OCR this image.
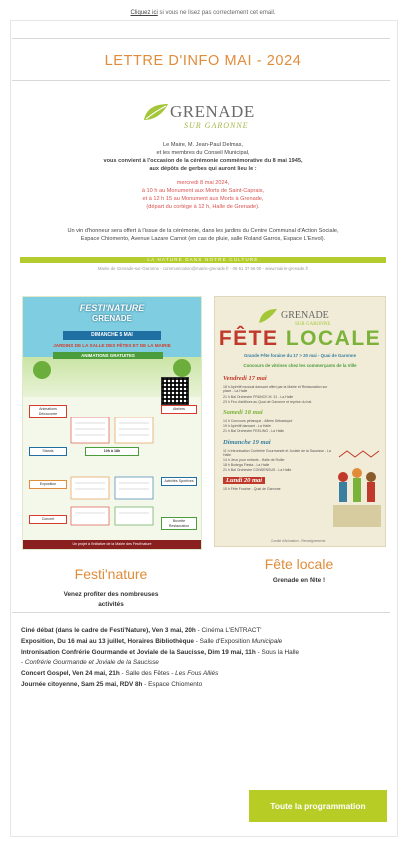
Cliquez ici si vous ne lisez pas correctement cet email.
LETTRE D'INFO MAI - 2024
GRENADE
SUR GARONNE
Le Maire, M. Jean-Paul Delmas,
et les membres du Conseil Municipal,
vous convient à l'occasion de la cérémonie commémorative du 8 mai 1945,
aux dépôts de gerbes qui auront lieu le :
mercredi 8 mai 2024,
à 10 h au Monument aux Morts de Saint-Caprais,
et à 12 h 15 au Monument aux Morts à Grenade,
(départ du cortège à 12 h, Halle de Grenade).
Un vin d'honneur sera offert à l'issue de la cérémonie, dans les jardins du Centre Communal d'Action Sociale,
Espace Chiomento, Avenue Lazare Carnot (en cas de pluie, salle Roland Garros, Espace L'Envol).
LA NATURE DANS NOTRE CULTURE
Mairie de Grenade-sur-Garonne - communication@mairie-grenade.fr - 05 61 37 66 00 - www.mairie-grenade.fr
FESTI'NATURE
GRENADE
DIMANCHE 5 MAI
JARDINS DE LA SALLE DES FÊTES ET DE LA MAIRIE
ANIMATIONS GRATUITES
Animations Découverte
Ateliers
Stands	10h à 18h
Exposition
Concert
Activités Sportives
Buvette Restauration
Un projet à l'initiative de la Mairie des Festi'nature
GRENADE
SUR GARONNE
FÊTE LOCALE
Grande Fête foraine du 17 > 20 mai - Quai de Garonne
Concours de vitrines chez les commerçants de la Ville
Vendredi 17 mai
18 h Apéritif musical dansant offert par la Mairie et Restauration sur place - La Halle
21 h Bal Orchestre FRANCK M. 31 - La Halle
23 h Feu d'artifices au Quai de Garonne et reprise du bal
Samedi 18 mai
14 h Concours pétanque - Allées Sébastopol
19 h Apéritif dansant - La Halle
21 h Bal Orchestre FEELING - La Halle
Dimanche 19 mai
11 h Intronisation Confrérie Gourmande et Joviale de la Saucisse - La Halle
14 h Jeux pour enfants - Halle de Roller
18 h Bodega Fiesta - La Halle
21 h Bal Orchestre CONSENSUS - La Halle
Lundi 20 mai
15 h Fête Foraine - Quai de Garonne
Comité d'Animation - Renseignements
Festi'nature
Venez profiter des nombreuses
activités
Fête locale
Grenade en fête !
Ciné débat (dans le cadre de Festi'Nature), Ven 3 mai, 20h - Cinéma L'ENTRACT'
Exposition, Du 16 mai au 13 juillet, Horaires Bibliothèque - Salle d'Exposition Municipale
Intronisation Confrérie Gourmande et Joviale de la Saucisse, Dim 19 mai, 11h - Sous la Halle
- Confrérie Gourmande et Joviale de la Saucisse
Concert Gospel, Ven 24 mai, 21h - Salle des Fêtes - Les Fous Alliés
Journée citoyenne, Sam 25 mai, RDV 8h - Espace Chiomento
Toute la programmation
